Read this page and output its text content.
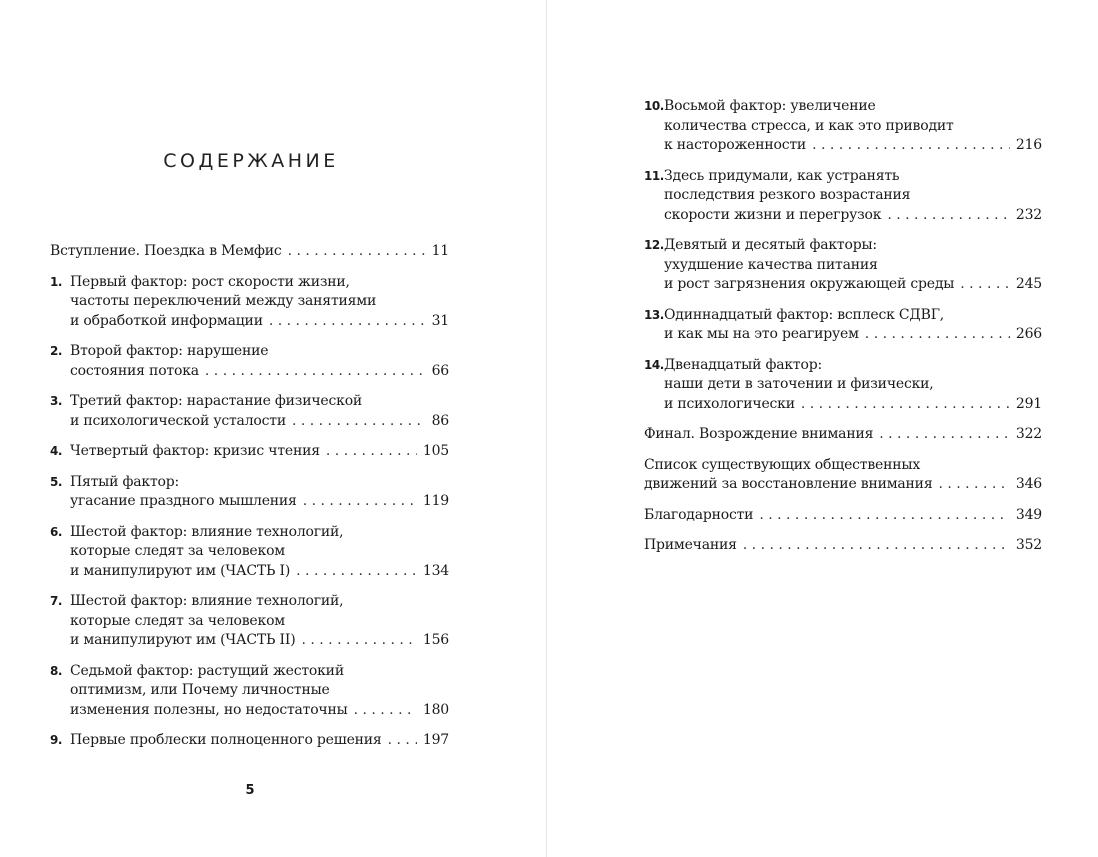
СОДЕРЖАНИЕ
Вступление. Поездка в Мемфис . . .	11
1. Первый фактор: рост скорости жизни,
частоты переключений между занятиями
и обработкой информации . . .	31
2. Второй фактор: нарушение
состояния потока . . .	66
3. Третий фактор: нарастание физической
и психологической усталости . . .	86
4. Четвертый фактор: кризис чтения . . .	105
5. Пятый фактор:
угасание праздного мышления . . .	119
6. Шестой фактор: влияние технологий,
которые следят за человеком
и манипулируют им (ЧАСТЬ I) . . .	134
7. Шестой фактор: влияние технологий,
которые следят за человеком
и манипулируют им (ЧАСТЬ II) . . .	156
8. Седьмой фактор: растущий жестокий
оптимизм, или Почему личностные
изменения полезны, но недостаточны . . .	180
9. Первые проблески полноценного решения . . .	197
5
10. Восьмой фактор: увеличение
количества стресса, и как это приводит
к настороженности . . .	216
11. Здесь придумали, как устранять
последствия резкого возрастания
скорости жизни и перегрузок . . .	232
12. Девятый и десятый факторы:
ухудшение качества питания
и рост загрязнения окружающей среды . . .	245
13. Одиннадцатый фактор: всплеск СДВГ,
и как мы на это реагируем . . .	266
14. Двенадцатый фактор:
наши дети в заточении и физически,
и психологически . . .	291
Финал. Возрождение внимания . . .	322
Список существующих общественных
движений за восстановление внимания . . .	346
Благодарности . . .	349
Примечания . . .	352
